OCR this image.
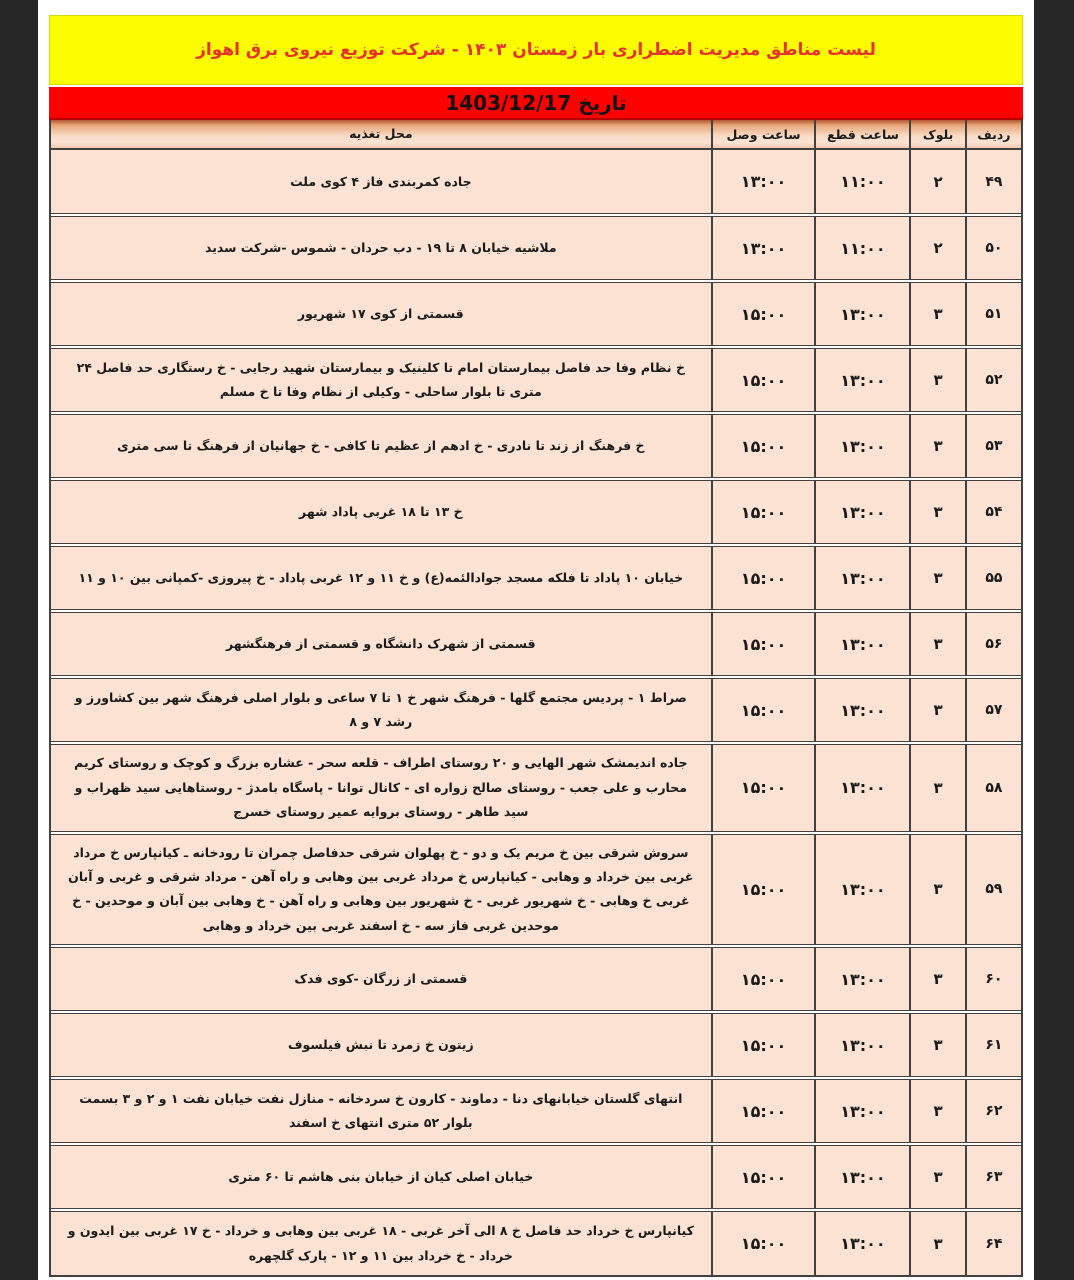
لیست مناطق مدیریت اضطراری بار زمستان ۱۴۰۳ - شرکت توزیع نیروی برق اهواز
تاریخ 1403/12/17
ردیف
بلوک
ساعت قطع
ساعت وصل
محل تغذیه
۴۹
۲
۱۱:۰۰
۱۳:۰۰
جاده کمربندی فاز ۴ کوی ملت
۵۰
۲
۱۱:۰۰
۱۳:۰۰
ملاشیه خیابان ۸ تا ۱۹ - دب حردان - شموس -شرکت سدید
۵۱
۳
۱۳:۰۰
۱۵:۰۰
قسمتی از کوی ۱۷ شهریور
۵۲
۳
۱۳:۰۰
۱۵:۰۰
خ نظام وفا حد فاصل بیمارستان امام تا کلینیک و بیمارستان شهید رجایی - خ رستگاری حد فاصل ۲۴ متری تا بلوار ساحلی - وکیلی از نظام وفا تا خ مسلم
۵۳
۳
۱۳:۰۰
۱۵:۰۰
خ فرهنگ از زند تا نادری - خ ادهم از عظیم تا کافی - خ جهانیان از فرهنگ تا سی متری
۵۴
۳
۱۳:۰۰
۱۵:۰۰
خ ۱۳ تا ۱۸ غربی پاداد شهر
۵۵
۳
۱۳:۰۰
۱۵:۰۰
خیابان ۱۰ پاداد تا فلکه مسجد جوادالئمه(ع) و خ ۱۱ و ۱۲ غربی پاداد - خ پیروزی -کمپانی بین ۱۰ و ۱۱
۵۶
۳
۱۳:۰۰
۱۵:۰۰
قسمتی از شهرک دانشگاه و قسمتی از فرهنگشهر
۵۷
۳
۱۳:۰۰
۱۵:۰۰
صراط ۱ - پردیس مجتمع گلها - فرهنگ شهر خ ۱ تا ۷ ساعی و بلوار اصلی فرهنگ شهر بین کشاورز و رشد ۷ و ۸
۵۸
۳
۱۳:۰۰
۱۵:۰۰
جاده اندیمشک شهر الهایی و ۲۰ روستای اطراف - قلعه سحر - عشاره بزرگ و کوچک و روستای کریم محارب و علی جعب - روستای صالح زواره ای - کانال توانا - پاسگاه بامدژ - روستاهایی سید ظهراب و سید طاهر - روستای بروایه عمیر روستای خسرج
۵۹
۳
۱۳:۰۰
۱۵:۰۰
سروش شرقی بین خ مریم یک و دو - خ پهلوان شرقی حدفاصل چمران تا رودخانه ـ کیانپارس خ مرداد غربی بین خرداد و وهابی - کیانپارس خ مرداد غربی بین وهابی و راه آهن - مرداد شرقی و غربی و آبان غربی خ وهابی - خ شهریور غربی - خ شهریور بین وهابی و راه آهن - خ وهابی بین آبان و موحدین - خ موحدین غربی فاز سه - خ اسفند غربی بین خرداد و وهابی
۶۰
۳
۱۳:۰۰
۱۵:۰۰
قسمتی از زرگان -کوی فدک
۶۱
۳
۱۳:۰۰
۱۵:۰۰
زیتون خ زمرد تا نبش فیلسوف
۶۲
۳
۱۳:۰۰
۱۵:۰۰
انتهای گلستان خیابانهای دنا - دماوند - کارون خ سردخانه - منازل نفت خیابان نفت ۱ و ۲ و ۳ بسمت بلوار ۵۲ متری انتهای خ اسفند
۶۳
۳
۱۳:۰۰
۱۵:۰۰
خیابان اصلی کیان از خیابان بنی هاشم تا ۶۰ متری
۶۴
۳
۱۳:۰۰
۱۵:۰۰
کیانپارس خ خرداد حد فاصل خ ۸ الی آخر غربی - ۱۸ غربی بین وهابی و خرداد - خ ۱۷ غربی بین ایدون و خرداد - خ خرداد بین ۱۱ و ۱۲ - پارک گلچهره
